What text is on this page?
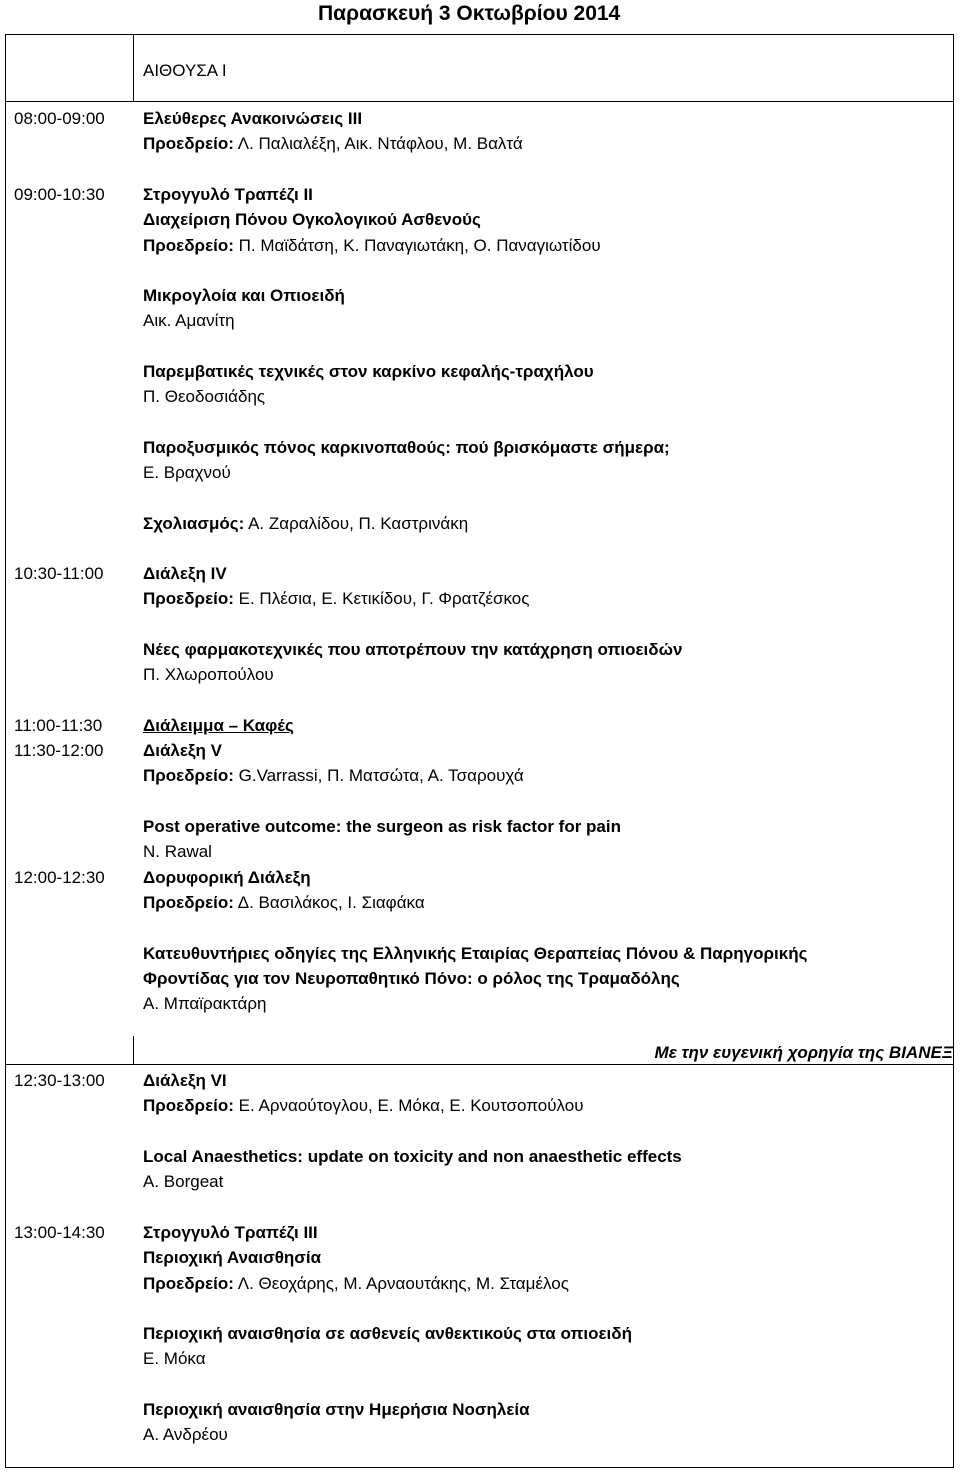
Παρασκευή 3 Οκτωβρίου 2014
ΑΙΘΟΥΣΑ Ι
08:00-09:00 Ελεύθερες Ανακοινώσεις ΙΙΙ
Προεδρείο: Λ. Παλιαλέξη, Αικ. Ντάφλου, Μ. Βαλτά
09:00-10:30 Στρογγυλό Τραπέζι ΙΙ
Διαχείριση Πόνου Ογκολογικού Ασθενούς
Προεδρείο: Π. Μαϊδάτση, Κ. Παναγιωτάκη, Ο. Παναγιωτίδου
Μικρογλοία και Οπιοειδή
Αικ. Αμανίτη
Παρεμβατικές τεχνικές στον καρκίνο κεφαλής-τραχήλου
Π. Θεοδοσιάδης
Παροξυσμικός πόνος καρκινοπαθούς: πού βρισκόμαστε σήμερα;
Ε. Βραχνού
Σχολιασμός: Α. Ζαραλίδου, Π. Καστρινάκη
10:30-11:00 Διάλεξη IV
Προεδρείο: Ε. Πλέσια, Ε. Κετικίδου, Γ. Φρατζέσκος
Νέες φαρμακοτεχνικές που αποτρέπουν την κατάχρηση οπιοειδών
Π. Χλωροπούλου
11:00-11:30 Διάλειμμα – Καφές
11:30-12:00 Διάλεξη V
Προεδρείο: G.Varrassi, Π. Ματσώτα, Α. Τσαρουχά
Post operative outcome: the surgeon as risk factor for pain
N. Rawal
12:00-12:30 Δορυφορική Διάλεξη
Προεδρείο: Δ. Βασιλάκος, Ι. Σιαφάκα
Κατευθυντήριες οδηγίες της Ελληνικής Εταιρίας Θεραπείας Πόνου & Παρηγορικής
Φροντίδας για τον Νευροπαθητικό Πόνο: ο ρόλος της Τραμαδόλης
Α. Μπαϊρακτάρη
Με την ευγενική χορηγία της ΒΙΑΝΕΞ
12:30-13:00 Διάλεξη VI
Προεδρείο: Ε. Αρναούτογλου, Ε. Μόκα, Ε. Κουτσοπούλου
Local Anaesthetics: update on toxicity and non anaesthetic effects
A. Borgeat
13:00-14:30 Στρογγυλό Τραπέζι ΙΙΙ
Περιοχική Αναισθησία
Προεδρείο: Λ. Θεοχάρης, Μ. Αρναουτάκης, Μ. Σταμέλος
Περιοχική αναισθησία σε ασθενείς ανθεκτικούς στα οπιοειδή
Ε. Μόκα
Περιοχική αναισθησία στην Ημερήσια Νοσηλεία
Α. Ανδρέου
